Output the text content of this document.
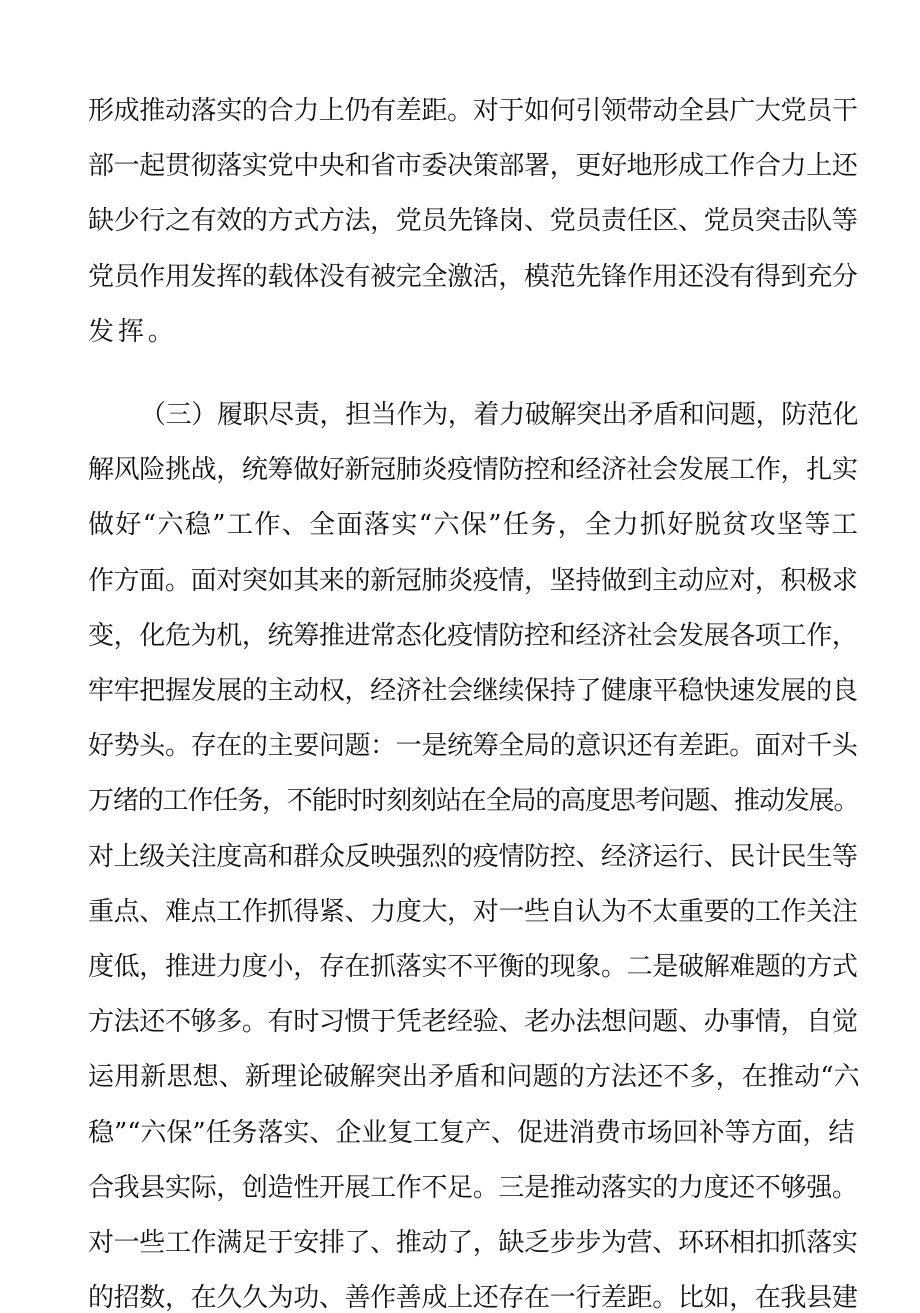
形成推动落实的合力上仍有差距。对于如何引领带动全县广大党员干
部一起贯彻落实党中央和省市委决策部署，更好地形成工作合力上还
缺少行之有效的方式方法，党员先锋岗、党员责任区、党员突击队等
党员作用发挥的载体没有被完全激活，模范先锋作用还没有得到充分
发挥。
（三）履职尽责，担当作为，着力破解突出矛盾和问题，防范化
解风险挑战，统筹做好新冠肺炎疫情防控和经济社会发展工作，扎实
做好“六稳”工作、全面落实“六保”任务，全力抓好脱贫攻坚等工
作方面。面对突如其来的新冠肺炎疫情，坚持做到主动应对，积极求
变，化危为机，统筹推进常态化疫情防控和经济社会发展各项工作，
牢牢把握发展的主动权，经济社会继续保持了健康平稳快速发展的良
好势头。存在的主要问题：一是统筹全局的意识还有差距。面对千头
万绪的工作任务，不能时时刻刻站在全局的高度思考问题、推动发展。
对上级关注度高和群众反映强烈的疫情防控、经济运行、民计民生等
重点、难点工作抓得紧、力度大，对一些自认为不太重要的工作关注
度低，推进力度小，存在抓落实不平衡的现象。二是破解难题的方式
方法还不够多。有时习惯于凭老经验、老办法想问题、办事情，自觉
运用新思想、新理论破解突出矛盾和问题的方法还不多，在推动“六
稳”“六保”任务落实、企业复工复产、促进消费市场回补等方面，结
合我县实际，创造性开展工作不足。三是推动落实的力度还不够强。
对一些工作满足于安排了、推动了，缺乏步步为营、环环相扣抓落实
的招数，在久久为功、善作善成上还存在一行差距。比如，在我县建
